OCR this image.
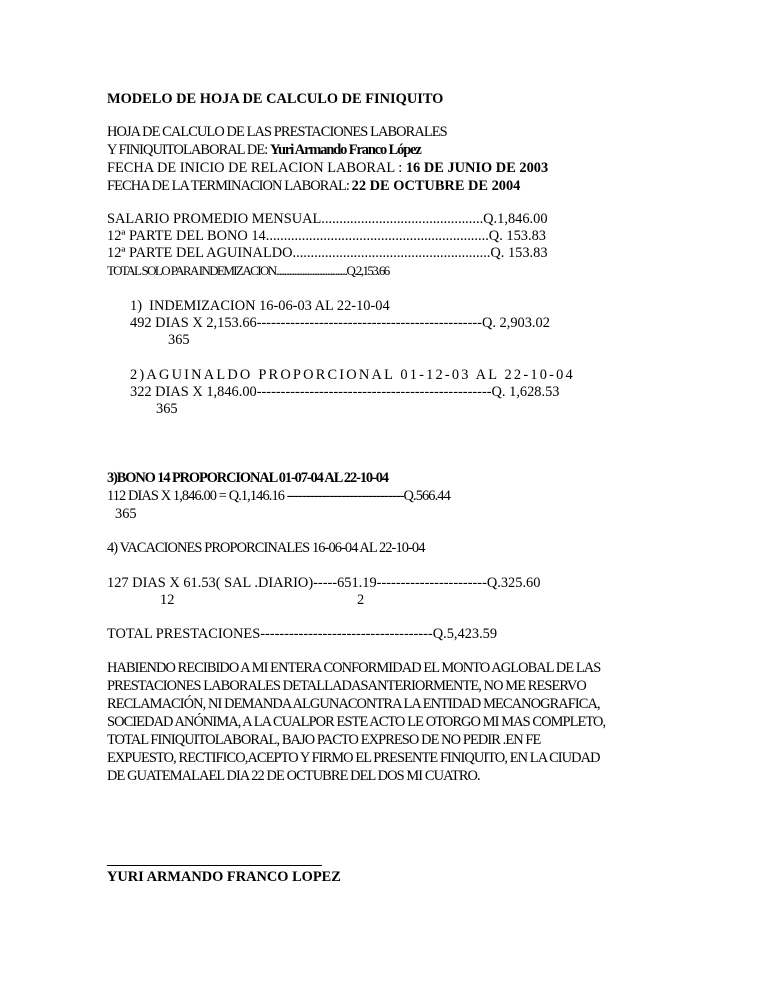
MODELO DE HOJA DE CALCULO DE FINIQUITO
HOJA DE CALCULO DE LAS PRESTACIONES LABORALES
Y FINIQUITOLABORAL DE: Yuri Armando Franco López
FECHA DE INICIO DE RELACION LABORAL : 16 DE JUNIO DE 2003
FECHA DE LA TERMINACION LABORAL: 22 DE OCTUBRE DE 2004
SALARIO PROMEDIO MENSUAL.............................................Q.1,846.00
12ª PARTE DEL BONO 14..............................................................Q. 153.83
12ª PARTE DEL AGUINALDO.......................................................Q. 153.83
TOTAL SOLO PARA INDEMIZACION...........................................Q.2,153.66
1)  INDEMIZACION 16-06-03 AL 22-10-04
492 DIAS X 2,153.66-----------------------------------------------Q. 2,903.02
365
2)AGUINALDO PROPORCIONAL 01-12-03 AL 22-10-04
322 DIAS X 1,846.00-------------------------------------------------Q. 1,628.53
365
3)BONO 14 PROPORCIONAL 01-07-04 AL 22-10-04
112 DIAS X 1,846.00 = Q.1,146.16 ------------------------------Q.566.44
365
4) VACACIONES PROPORCINALES 16-06-04 AL 22-10-04
127 DIAS X 61.53( SAL .DIARIO)-----651.19-----------------------Q.325.60
12	2
TOTAL PRESTACIONES------------------------------------Q.5,423.59
HABIENDO RECIBIDO A MI ENTERA CONFORMIDAD EL MONTO AGLOBAL DE LAS
PRESTACIONES LABORALES DETALLADASANTERIORMENTE, NO ME RESERVO
RECLAMACIÓN, NI DEMANDA ALGUNACONTRA LA ENTIDAD MECANOGRAFICA,
SOCIEDAD ANÓNIMA, A LA CUALPOR ESTE ACTO LE OTORGO MI MAS COMPLETO,
TOTAL FINIQUITOLABORAL, BAJO PACTO EXPRESO DE NO PEDIR .EN FE
EXPUESTO, RECTIFICO,ACEPTO Y FIRMO EL PRESENTE FINIQUITO, EN LA CIUDAD
DE GUATEMALAEL DIA 22 DE OCTUBRE DEL DOS MI CUATRO.
YURI ARMANDO FRANCO LOPEZ
